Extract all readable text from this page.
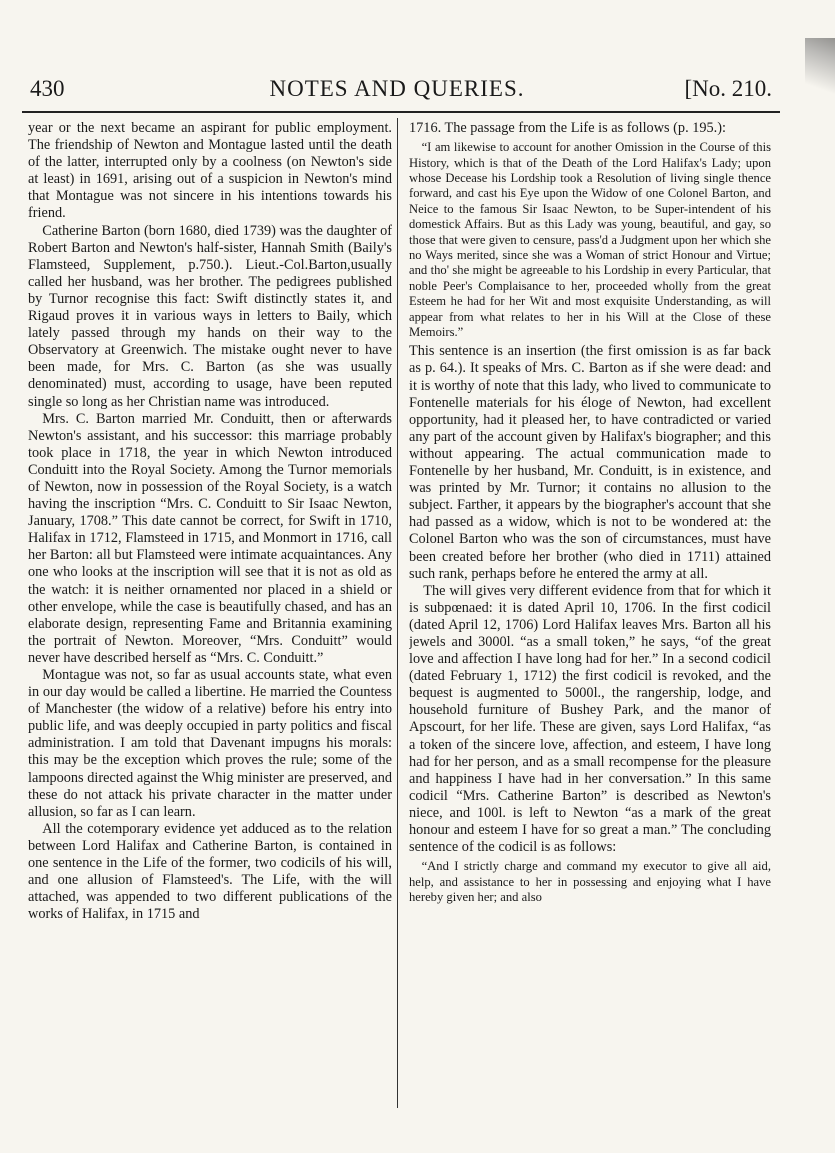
430	NOTES AND QUERIES.	[No. 210.

year or the next became an aspirant for public employment. The friendship of Newton and Montague lasted until the death of the latter, interrupted only by a coolness (on Newton's side at least) in 1691, arising out of a suspicion in Newton's mind that Montague was not sincere in his intentions towards his friend.

Catherine Barton (born 1680, died 1739) was the daughter of Robert Barton and Newton's half-sister, Hannah Smith (Baily's Flamsteed, Supplement, p.750.). Lieut.-Col.Barton,usually called her husband, was her brother. The pedigrees published by Turnor recognise this fact: Swift distinctly states it, and Rigaud proves it in various ways in letters to Baily, which lately passed through my hands on their way to the Observatory at Greenwich. The mistake ought never to have been made, for Mrs. C. Barton (as she was usually denominated) must, according to usage, have been reputed single so long as her Christian name was introduced.

Mrs. C. Barton married Mr. Conduitt, then or afterwards Newton's assistant, and his successor: this marriage probably took place in 1718, the year in which Newton introduced Conduitt into the Royal Society. Among the Turnor memorials of Newton, now in possession of the Royal Society, is a watch having the inscription “Mrs. C. Conduitt to Sir Isaac Newton, January, 1708.” This date cannot be correct, for Swift in 1710, Halifax in 1712, Flamsteed in 1715, and Monmort in 1716, call her Barton: all but Flamsteed were intimate acquaintances. Any one who looks at the inscription will see that it is not as old as the watch: it is neither ornamented nor placed in a shield or other envelope, while the case is beautifully chased, and has an elaborate design, representing Fame and Britannia examining the portrait of Newton. Moreover, “Mrs. Conduitt” would never have described herself as “Mrs. C. Conduitt.”

Montague was not, so far as usual accounts state, what even in our day would be called a libertine. He married the Countess of Manchester (the widow of a relative) before his entry into public life, and was deeply occupied in party politics and fiscal administration. I am told that Davenant impugns his morals: this may be the exception which proves the rule; some of the lampoons directed against the Whig minister are preserved, and these do not attack his private character in the matter under allusion, so far as I can learn.

All the cotemporary evidence yet adduced as to the relation between Lord Halifax and Catherine Barton, is contained in one sentence in the Life of the former, two codicils of his will, and one allusion of Flamsteed's. The Life, with the will attached, was appended to two different publications of the works of Halifax, in 1715 and

1716. The passage from the Life is as follows (p. 195.):

“I am likewise to account for another Omission in the Course of this History, which is that of the Death of the Lord Halifax's Lady; upon whose Decease his Lordship took a Resolution of living single thence forward, and cast his Eye upon the Widow of one Colonel Barton, and Neice to the famous Sir Isaac Newton, to be Super-intendent of his domestick Affairs. But as this Lady was young, beautiful, and gay, so those that were given to censure, pass'd a Judgment upon her which she no Ways merited, since she was a Woman of strict Honour and Virtue; and tho' she might be agreeable to his Lordship in every Particular, that noble Peer's Complaisance to her, proceeded wholly from the great Esteem he had for her Wit and most exquisite Understanding, as will appear from what relates to her in his Will at the Close of these Memoirs.”

This sentence is an insertion (the first omission is as far back as p. 64.). It speaks of Mrs. C. Barton as if she were dead: and it is worthy of note that this lady, who lived to communicate to Fontenelle materials for his éloge of Newton, had excellent opportunity, had it pleased her, to have contradicted or varied any part of the account given by Halifax's biographer; and this without appearing. The actual communication made to Fontenelle by her husband, Mr. Conduitt, is in existence, and was printed by Mr. Turnor; it contains no allusion to the subject. Farther, it appears by the biographer's account that she had passed as a widow, which is not to be wondered at: the Colonel Barton who was the son of circumstances, must have been created before her brother (who died in 1711) attained such rank, perhaps before he entered the army at all.

The will gives very different evidence from that for which it is subpœnaed: it is dated April 10, 1706. In the first codicil (dated April 12, 1706) Lord Halifax leaves Mrs. Barton all his jewels and 3000l. “as a small token,” he says, “of the great love and affection I have long had for her.” In a second codicil (dated February 1, 1712) the first codicil is revoked, and the bequest is augmented to 5000l., the rangership, lodge, and household furniture of Bushey Park, and the manor of Apscourt, for her life. These are given, says Lord Halifax, “as a token of the sincere love, affection, and esteem, I have long had for her person, and as a small recompense for the pleasure and happiness I have had in her conversation.” In this same codicil “Mrs. Catherine Barton” is described as Newton's niece, and 100l. is left to Newton “as a mark of the great honour and esteem I have for so great a man.” The concluding sentence of the codicil is as follows:

“And I strictly charge and command my executor to give all aid, help, and assistance to her in possessing and enjoying what I have hereby given her; and also
